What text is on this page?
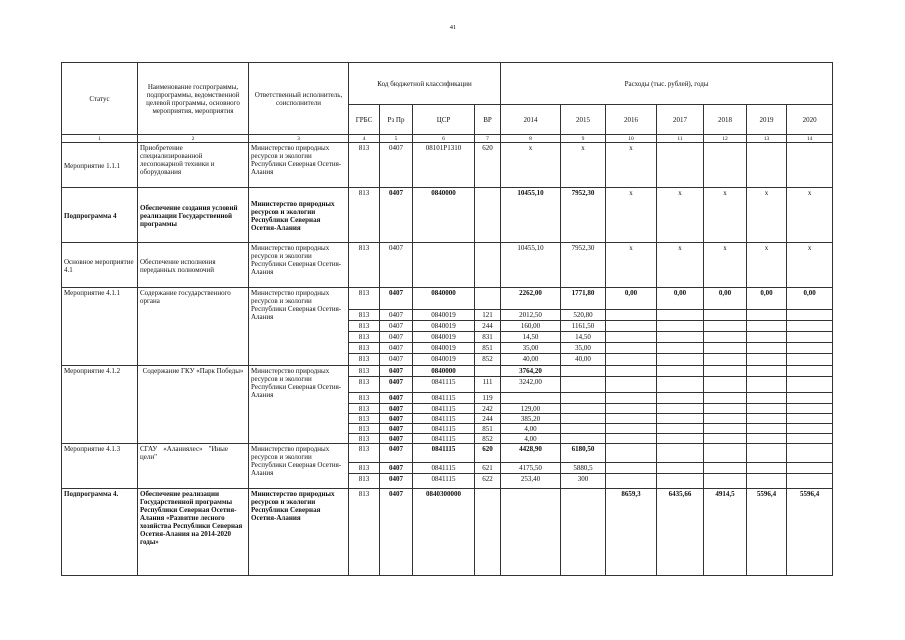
41
Статус	Наименование госпрограммы, подпрограммы, ведомственной целевой программы, основного мероприятия, мероприятия	Ответственный исполнитель, соисполнители	Код бюджетной классификации				Расходы (тыс. рублей), годы						
			ГРБС	Рз Пр	ЦСР	ВР	2014	2015	2016	2017	2018	2019	2020
1	2	3	4	5	6	7	8	9	10	11	12	13	14
Мероприятие 1.1.1	Приобретение специализированной лесопожарной техники и оборудования	Министерство природных ресурсов и экологии Республики Северная Осетия-Алания	813	0407	08101Р1310	620	x	x	x				
Подпрограмма 4	Обеспечение создания условий реализации Государственной программы	Министерство природных ресурсов и экологии Республики Северная Осетия-Алания	813	0407	0840000		10455,10	7952,30	x	x	x	x	x
Основное мероприятие 4.1	Обеспечение исполнения переданных полномочий	Министерство природных ресурсов и экологии Республики Северная Осетия-Алания	813	0407			10455,10	7952,30	x	x	x	x	x
Мероприятие 4.1.1	Содержание государственного органа	Министерство природных ресурсов и экологии Республики Северная Осетия-Алания	813	0407	0840000		2262,00	1771,80	0,00	0,00	0,00	0,00	0,00
			813	0407	0840019	121	2012,50	520,80					
			813	0407	0840019	244	160,00	1161,50					
			813	0407	0840019	831	14,50	14,50					
			813	0407	0840019	851	35,00	35,00					
			813	0407	0840019	852	40,00	40,00					
Мероприятие 4.1.2	Содержание ГКУ «Парк Победы»	Министерство природных ресурсов и экологии Республики Северная Осетия-Алания	813	0407	0840000		3764,20						
			813	0407	0841115	111	3242,00						
			813	0407	0841115	119							
			813	0407	0841115	242	129,00						
			813	0407	0841115	244	385,20						
			813	0407	0841115	851	4,00						
			813	0407	0841115	852	4,00						
Мероприятие 4.1.3	СГАУ «Аланиялес» "Иные цели"	Министерство природных ресурсов и экологии Республики Северная Осетия-Алания	813	0407	0841115	620	4428,90	6180,50					
			813	0407	0841115	621	4175,50	5880,5					
			813	0407	0841115	622	253,40	300					
Подпрограмма 4.	Обеспечение реализации Государственной программы Республики Северная Осетия-Алания «Развитие лесного хозяйства Республики Северная Осетия-Алания на 2014-2020 годы»	Министерство природных ресурсов и экологии Республики Северная Осетия-Алания	813	0407	0840300000				8659,3	6435,66	4914,5	5596,4	5596,4
